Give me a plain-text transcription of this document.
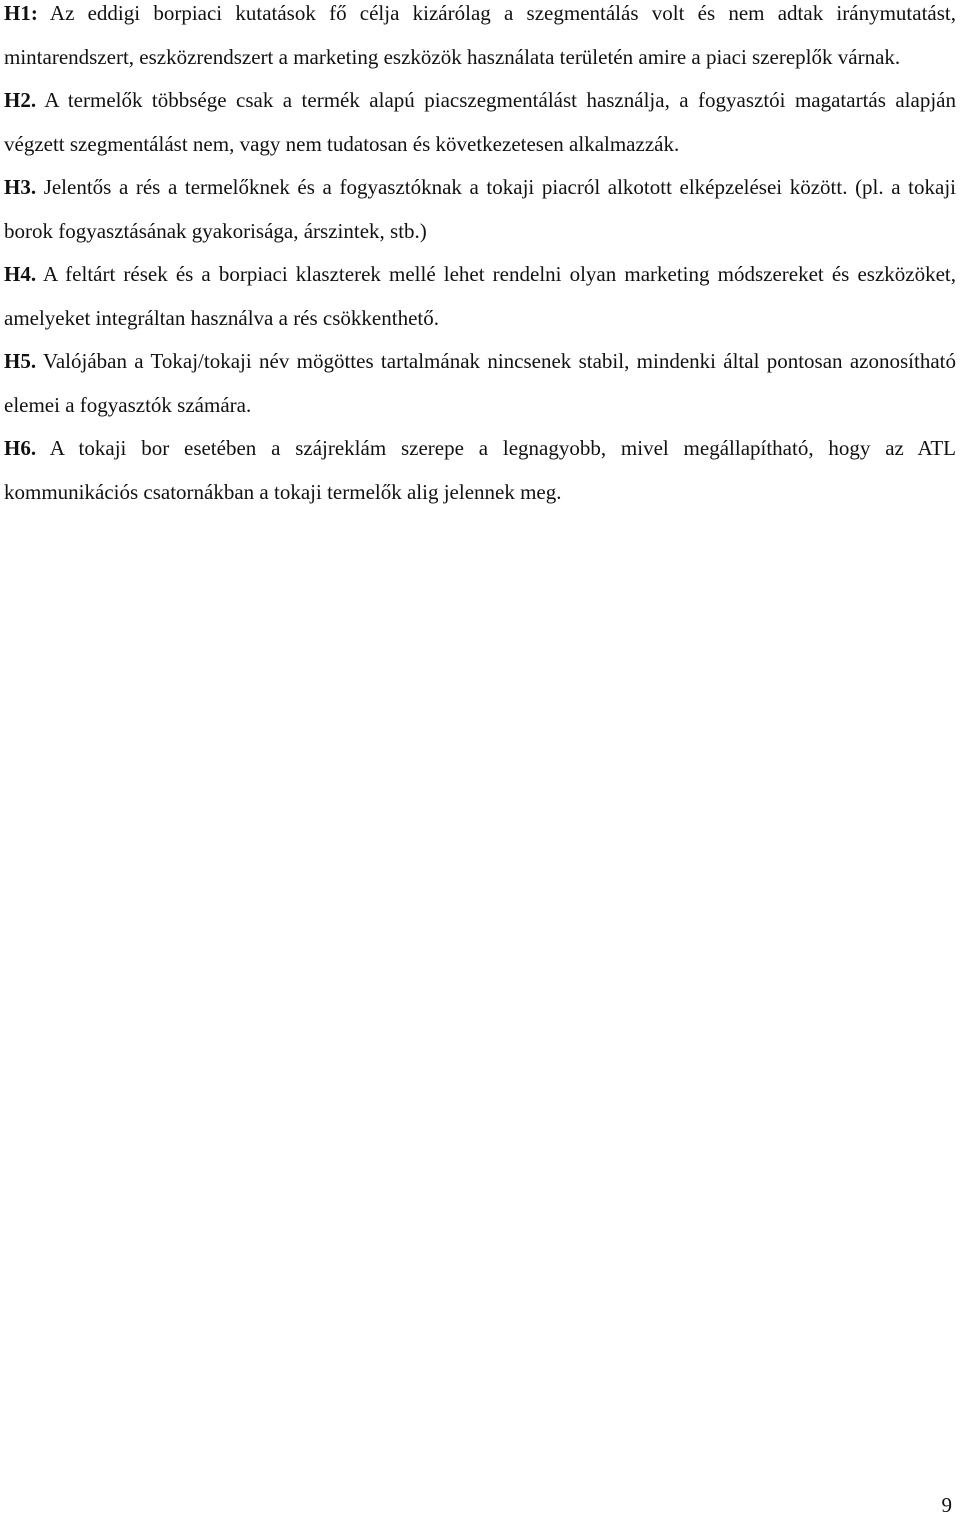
H1: Az eddigi borpiaci kutatások fő célja kizárólag a szegmentálás volt és nem adtak iránymutatást, mintarendszert, eszközrendszert a marketing eszközök használata területén amire a piaci szereplők várnak.

H2. A termelők többsége csak a termék alapú piacszegmentálást használja, a fogyasztói magatartás alapján végzett szegmentálást nem, vagy nem tudatosan és következetesen alkalmazzák.

H3. Jelentős a rés a termelőknek és a fogyasztóknak a tokaji piacról alkotott elképzelései között. (pl. a tokaji borok fogyasztásának gyakorisága, árszintek, stb.)

H4. A feltárt rések és a borpiaci klaszterek mellé lehet rendelni olyan marketing módszereket és eszközöket, amelyeket integráltan használva a rés csökkenthető.

H5. Valójában a Tokaj/tokaji név mögöttes tartalmának nincsenek stabil, mindenki által pontosan azonosítható elemei a fogyasztók számára.

H6. A tokaji bor esetében a szájreklám szerepe a legnagyobb, mivel megállapítható, hogy az ATL kommunikációs csatornákban a tokaji termelők alig jelennek meg.

9
